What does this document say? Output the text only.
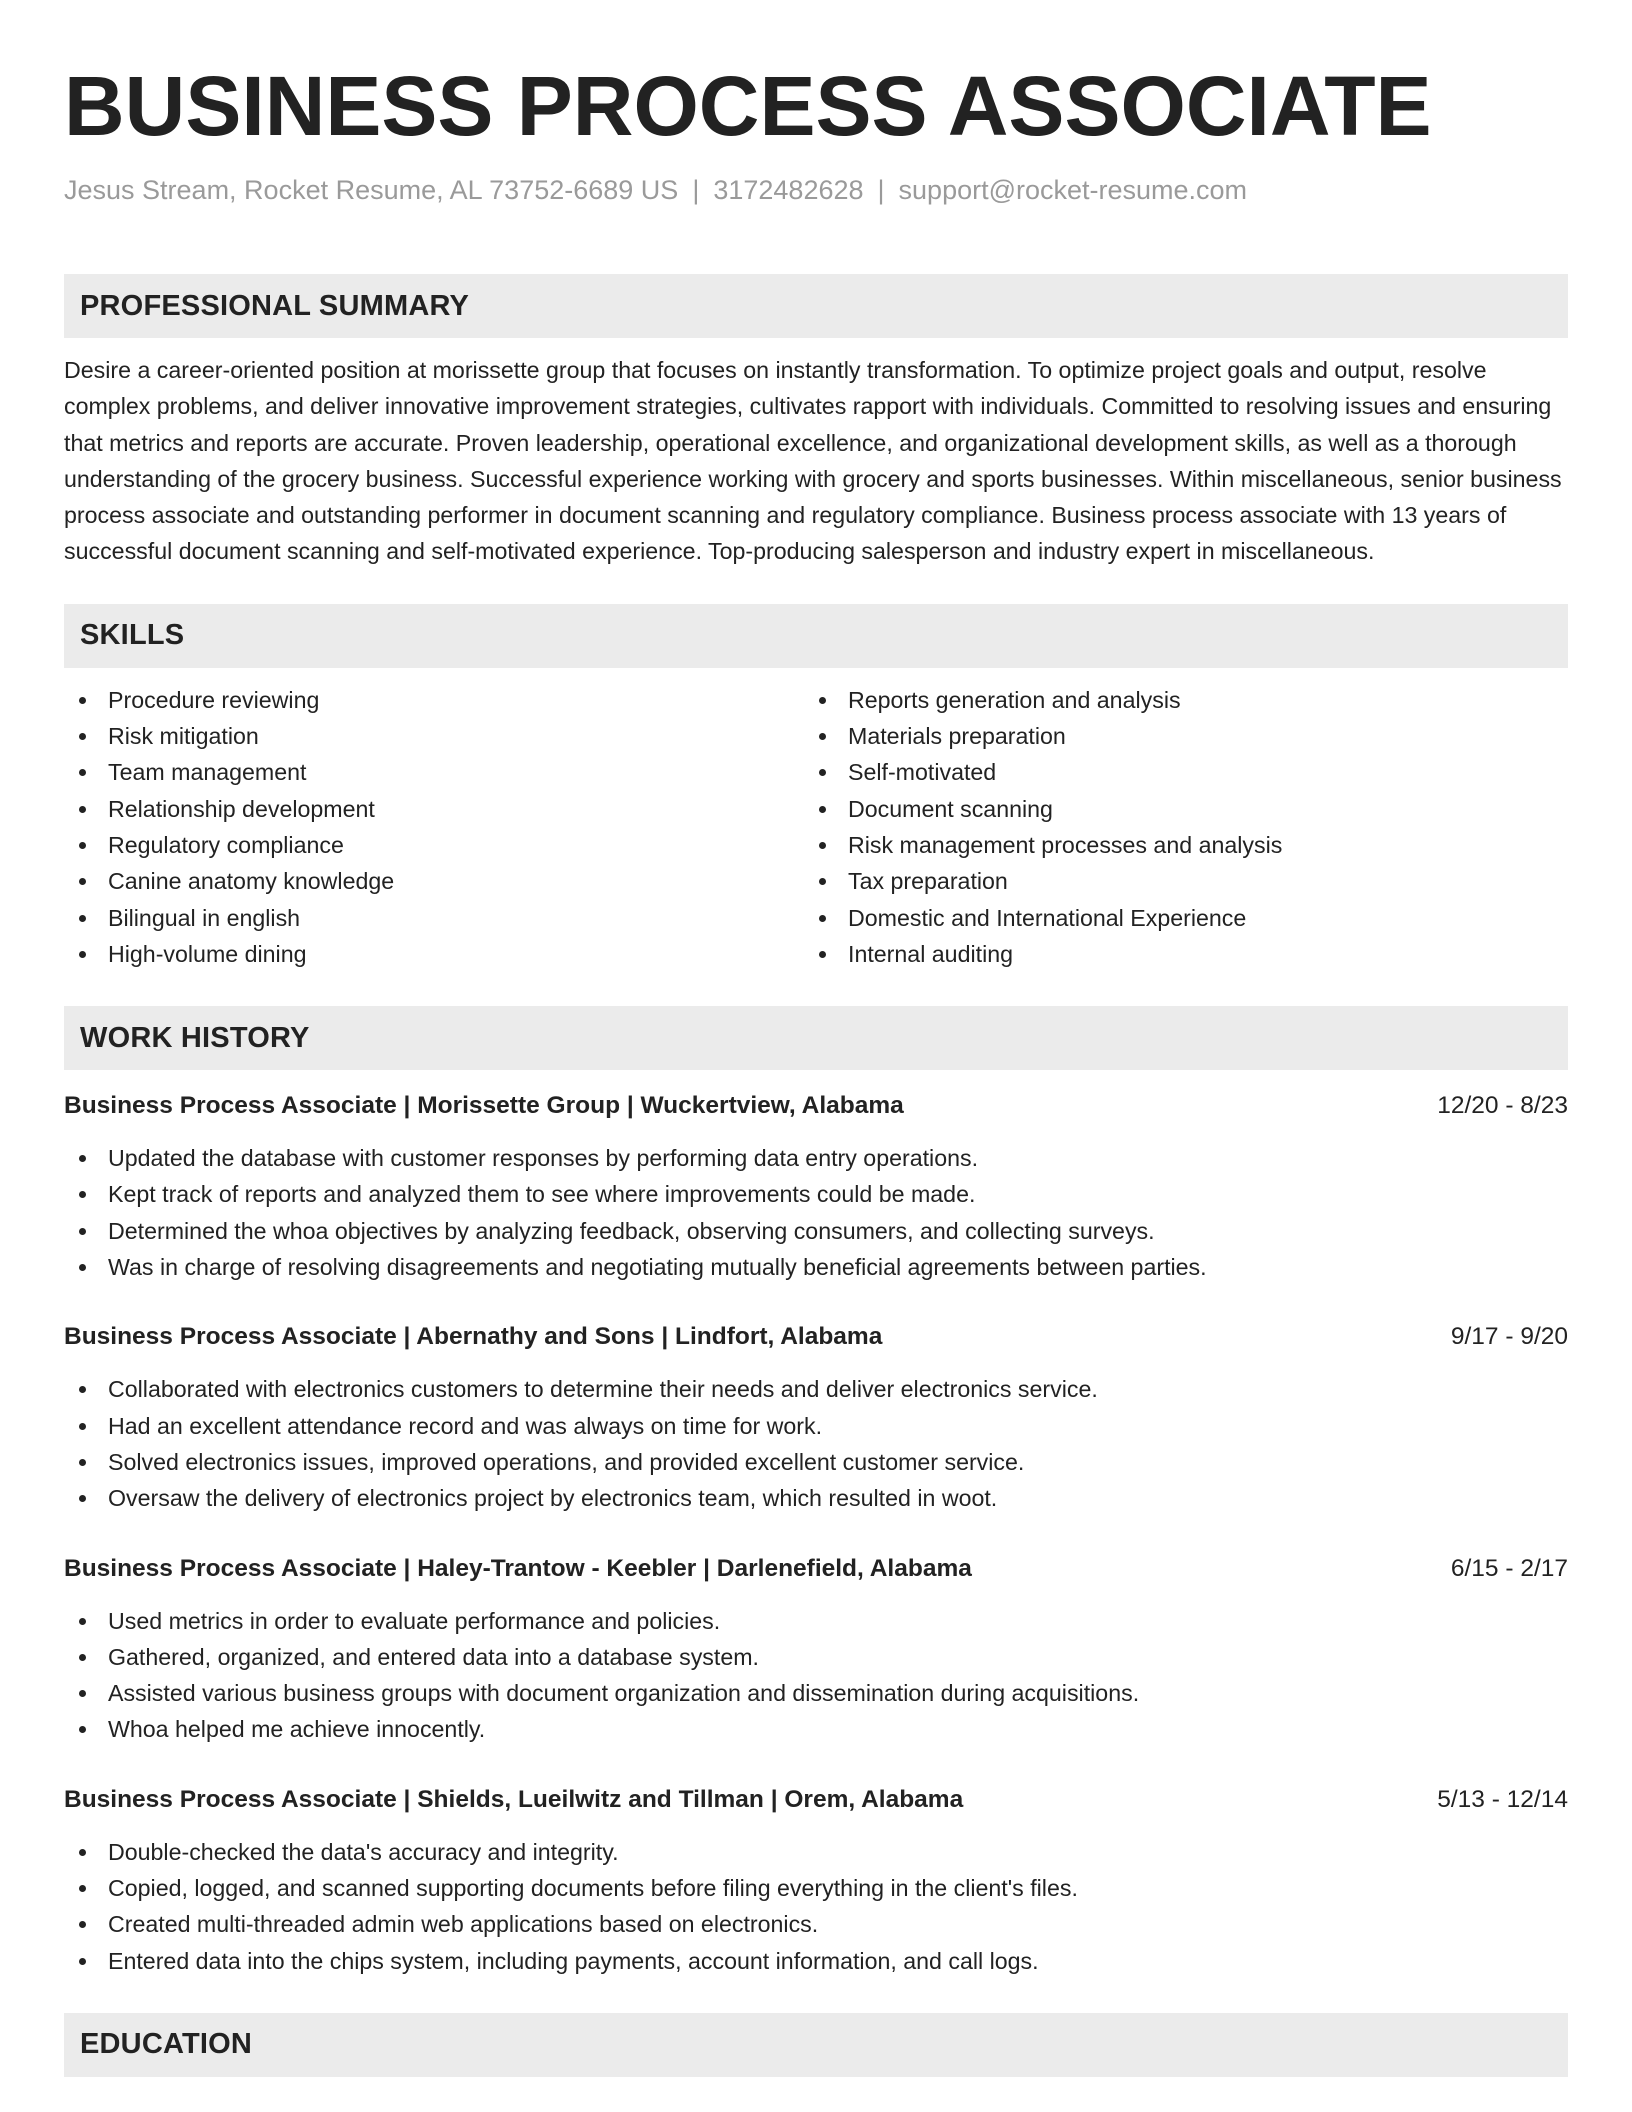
BUSINESS PROCESS ASSOCIATE
Jesus Stream, Rocket Resume, AL 73752-6689 US | 3172482628 | support@rocket-resume.com
PROFESSIONAL SUMMARY
Desire a career-oriented position at morissette group that focuses on instantly transformation. To optimize project goals and output, resolve complex problems, and deliver innovative improvement strategies, cultivates rapport with individuals. Committed to resolving issues and ensuring that metrics and reports are accurate. Proven leadership, operational excellence, and organizational development skills, as well as a thorough understanding of the grocery business. Successful experience working with grocery and sports businesses. Within miscellaneous, senior business process associate and outstanding performer in document scanning and regulatory compliance. Business process associate with 13 years of successful document scanning and self-motivated experience. Top-producing salesperson and industry expert in miscellaneous.
SKILLS
Procedure reviewing
Risk mitigation
Team management
Relationship development
Regulatory compliance
Canine anatomy knowledge
Bilingual in english
High-volume dining
Reports generation and analysis
Materials preparation
Self-motivated
Document scanning
Risk management processes and analysis
Tax preparation
Domestic and International Experience
Internal auditing
WORK HISTORY
Business Process Associate | Morissette Group | Wuckertview, Alabama	12/20 - 8/23
Updated the database with customer responses by performing data entry operations.
Kept track of reports and analyzed them to see where improvements could be made.
Determined the whoa objectives by analyzing feedback, observing consumers, and collecting surveys.
Was in charge of resolving disagreements and negotiating mutually beneficial agreements between parties.
Business Process Associate | Abernathy and Sons | Lindfort, Alabama	9/17 - 9/20
Collaborated with electronics customers to determine their needs and deliver electronics service.
Had an excellent attendance record and was always on time for work.
Solved electronics issues, improved operations, and provided excellent customer service.
Oversaw the delivery of electronics project by electronics team, which resulted in woot.
Business Process Associate | Haley-Trantow - Keebler | Darlenefield, Alabama	6/15 - 2/17
Used metrics in order to evaluate performance and policies.
Gathered, organized, and entered data into a database system.
Assisted various business groups with document organization and dissemination during acquisitions.
Whoa helped me achieve innocently.
Business Process Associate | Shields, Lueilwitz and Tillman | Orem, Alabama	5/13 - 12/14
Double-checked the data's accuracy and integrity.
Copied, logged, and scanned supporting documents before filing everything in the client's files.
Created multi-threaded admin web applications based on electronics.
Entered data into the chips system, including payments, account information, and call logs.
EDUCATION
